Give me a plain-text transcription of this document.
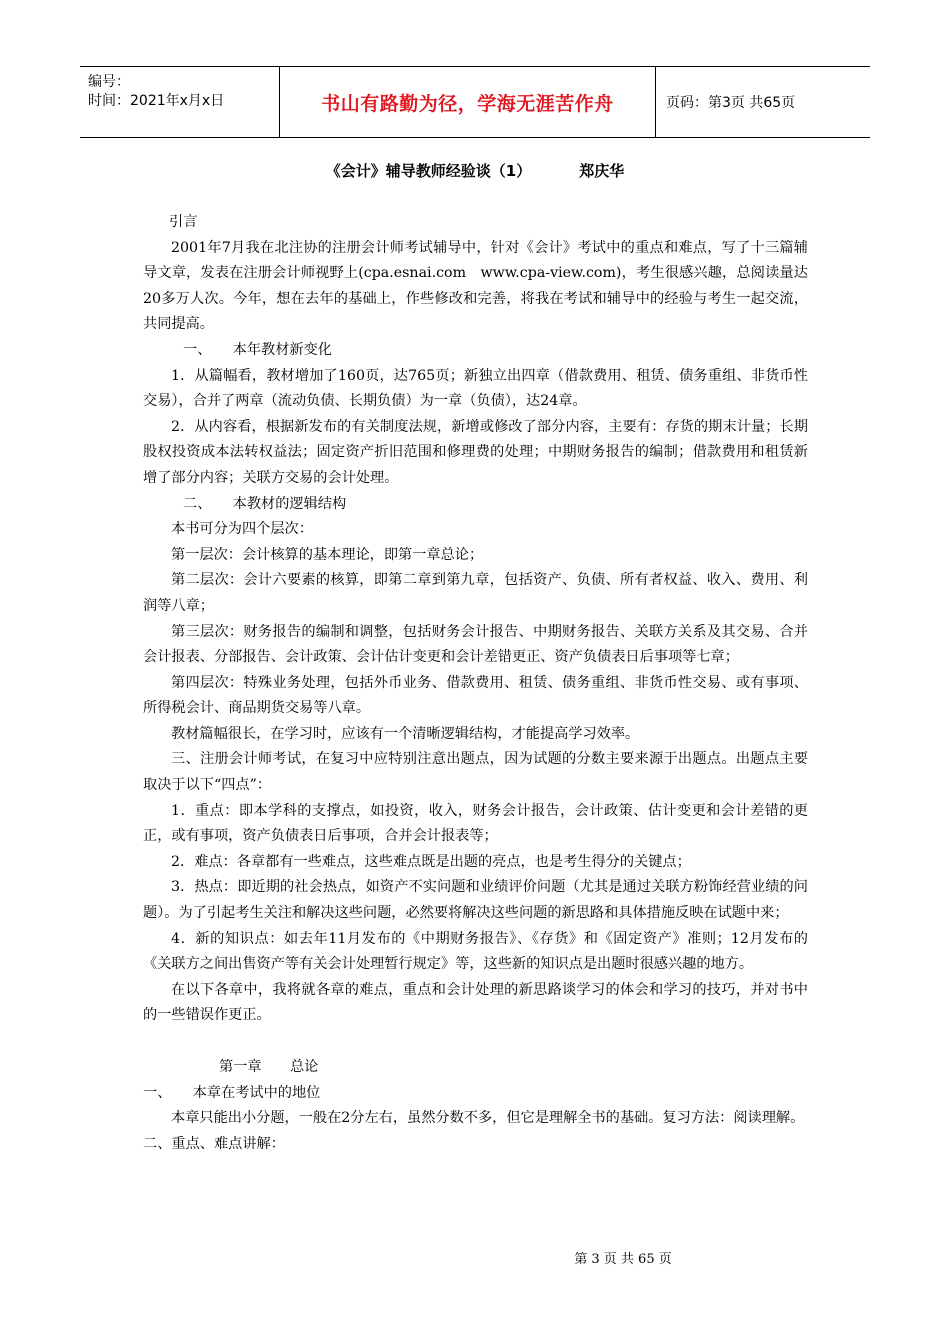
编号：
时间：2021年x月x日	书山有路勤为径，学海无涯苦作舟	页码：第3页 共65页
《会计》辅导教师经验谈（1）	郑庆华

引言

2001年7月我在北注协的注册会计师考试辅导中，针对《会计》考试中的重点和难点，写了十三篇辅导文章，发表在注册会计师视野上(cpa.esnai.com　www.cpa-view.com)，考生很感兴趣，总阅读量达20多万人次。今年，想在去年的基础上，作些修改和完善，将我在考试和辅导中的经验与考生一起交流，共同提高。

一、　　本年教材新变化

1．从篇幅看，教材增加了160页，达765页；新独立出四章（借款费用、租赁、债务重组、非货币性交易），合并了两章（流动负债、长期负债）为一章（负债），达24章。

2．从内容看，根据新发布的有关制度法规，新增或修改了部分内容，主要有：存货的期末计量；长期股权投资成本法转权益法；固定资产折旧范围和修理费的处理；中期财务报告的编制；借款费用和租赁新增了部分内容；关联方交易的会计处理。

二、　　本教材的逻辑结构

本书可分为四个层次：

第一层次：会计核算的基本理论，即第一章总论；

第二层次：会计六要素的核算，即第二章到第九章，包括资产、负债、所有者权益、收入、费用、利润等八章；

第三层次：财务报告的编制和调整，包括财务会计报告、中期财务报告、关联方关系及其交易、合并会计报表、分部报告、会计政策、会计估计变更和会计差错更正、资产负债表日后事项等七章；

第四层次：特殊业务处理，包括外币业务、借款费用、租赁、债务重组、非货币性交易、或有事项、所得税会计、商品期货交易等八章。

教材篇幅很长，在学习时，应该有一个清晰逻辑结构，才能提高学习效率。

三、注册会计师考试，在复习中应特别注意出题点，因为试题的分数主要来源于出题点。出题点主要取决于以下“四点”：

1．重点：即本学科的支撑点，如投资，收入，财务会计报告，会计政策、估计变更和会计差错的更正，或有事项，资产负债表日后事项，合并会计报表等；

2．难点：各章都有一些难点，这些难点既是出题的亮点，也是考生得分的关键点；

3．热点：即近期的社会热点，如资产不实问题和业绩评价问题（尤其是通过关联方粉饰经营业绩的问题）。为了引起考生关注和解决这些问题，必然要将解决这些问题的新思路和具体措施反映在试题中来；

4．新的知识点：如去年11月发布的《中期财务报告》、《存货》和《固定资产》准则；12月发布的《关联方之间出售资产等有关会计处理暂行规定》等，这些新的知识点是出题时很感兴趣的地方。

在以下各章中，我将就各章的难点，重点和会计处理的新思路谈学习的体会和学习的技巧，并对书中的一些错误作更正。

第一章　　总论

一、　　本章在考试中的地位

本章只能出小分题，一般在2分左右，虽然分数不多，但它是理解全书的基础。复习方法：阅读理解。

二、重点、难点讲解：

第 3 页 共 65 页
